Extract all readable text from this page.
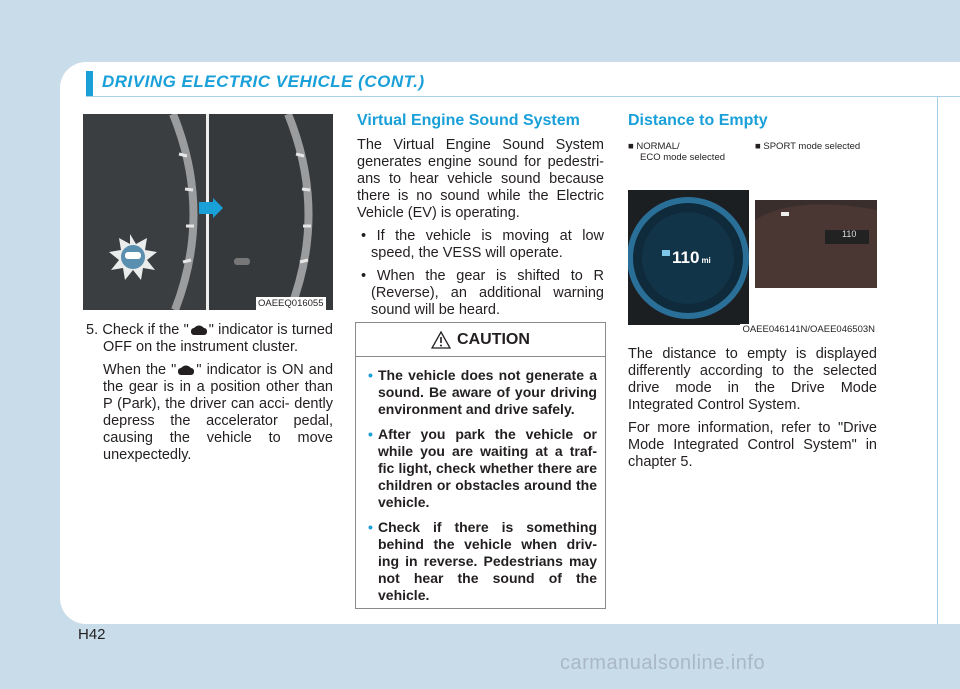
DRIVING ELECTRIC VEHICLE (CONT.)
OAEEQ016055
5. Check if the " " indicator is turned OFF on the instrument cluster.
When the " " indicator is ON and the gear is in a position other than P (Park), the driver can acci- dently depress the accelerator pedal, causing the vehicle to move unexpectedly.
Virtual Engine Sound System

The Virtual Engine Sound System generates engine sound for pedestri- ans to hear vehicle sound because there is no sound while the Electric Vehicle (EV) is operating.

• If the vehicle is moving at low speed, the VESS will operate.
• When the gear is shifted to R (Reverse), an additional warning sound will be heard.
CAUTION
• The vehicle does not generate a sound. Be aware of your driving environment and drive safely.
• After you park the vehicle or while you are waiting at a traf- fic light, check whether there are children or obstacles around the vehicle.
• Check if there is something behind the vehicle when driv- ing in reverse. Pedestrians may not hear the sound of the vehicle.
Distance to Empty
■ NORMAL/
ECO mode selected
■ SPORT mode selected
110 mi
110
OAEE046141N/OAEE046503N

The distance to empty is displayed differently according to the selected drive mode in the Drive Mode Integrated Control System.

For more information, refer to "Drive Mode Integrated Control System" in chapter 5.

H42
carmanualsonline.info
